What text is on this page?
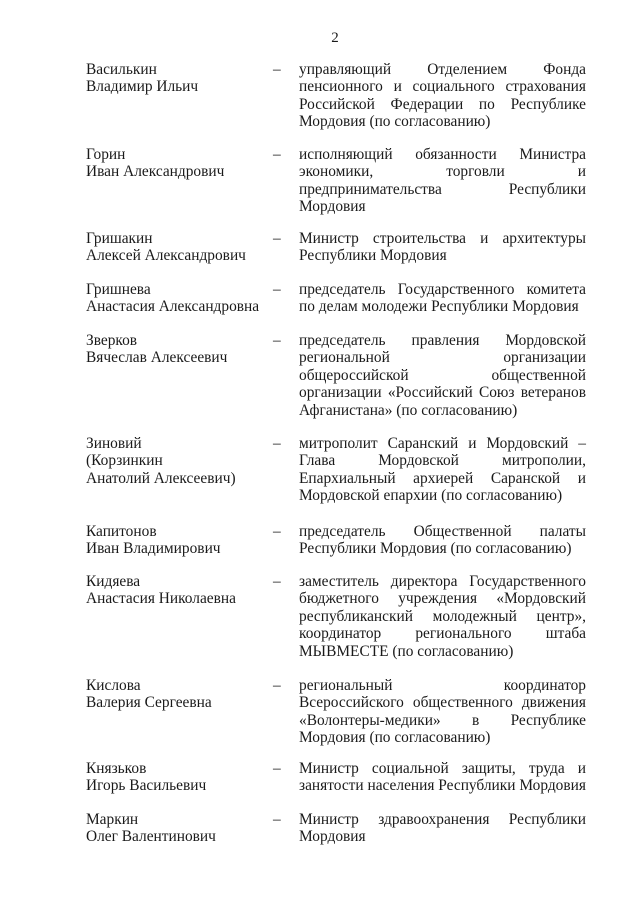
2
Василькин
Владимир Ильич
– управляющий Отделением Фонда пенсионного и социального страхования Российской Федерации по Республике Мордовия (по согласованию)
Горин
Иван Александрович
– исполняющий обязанности Министра экономики, торговли и предпринимательства Республики Мордовия
Гришакин
Алексей Александрович
– Министр строительства и архитектуры Республики Мордовия
Гришнева
Анастасия Александровна
– председатель Государственного комитета по делам молодежи Республики Мордовия
Зверков
Вячеслав Алексеевич
– председатель правления Мордовской региональной организации общероссийской общественной организации «Российский Союз ветеранов Афганистана» (по согласованию)
Зиновий
(Корзинкин
Анатолий Алексеевич)
– митрополит Саранский и Мордовский – Глава Мордовской митрополии, Епархиальный архиерей Саранской и Мордовской епархии (по согласованию)
Капитонов
Иван Владимирович
– председатель Общественной палаты Республики Мордовия (по согласованию)
Кидяева
Анастасия Николаевна
– заместитель директора Государственного бюджетного учреждения «Мордовский республиканский молодежный центр», координатор регионального штаба МЫВМЕСТЕ (по согласованию)
Кислова
Валерия Сергеевна
– региональный координатор Всероссийского общественного движения «Волонтеры-медики» в Республике Мордовия (по согласованию)
Князьков
Игорь Васильевич
– Министр социальной защиты, труда и занятости населения Республики Мордовия
Маркин
Олег Валентинович
– Министр здравоохранения Республики Мордовия
